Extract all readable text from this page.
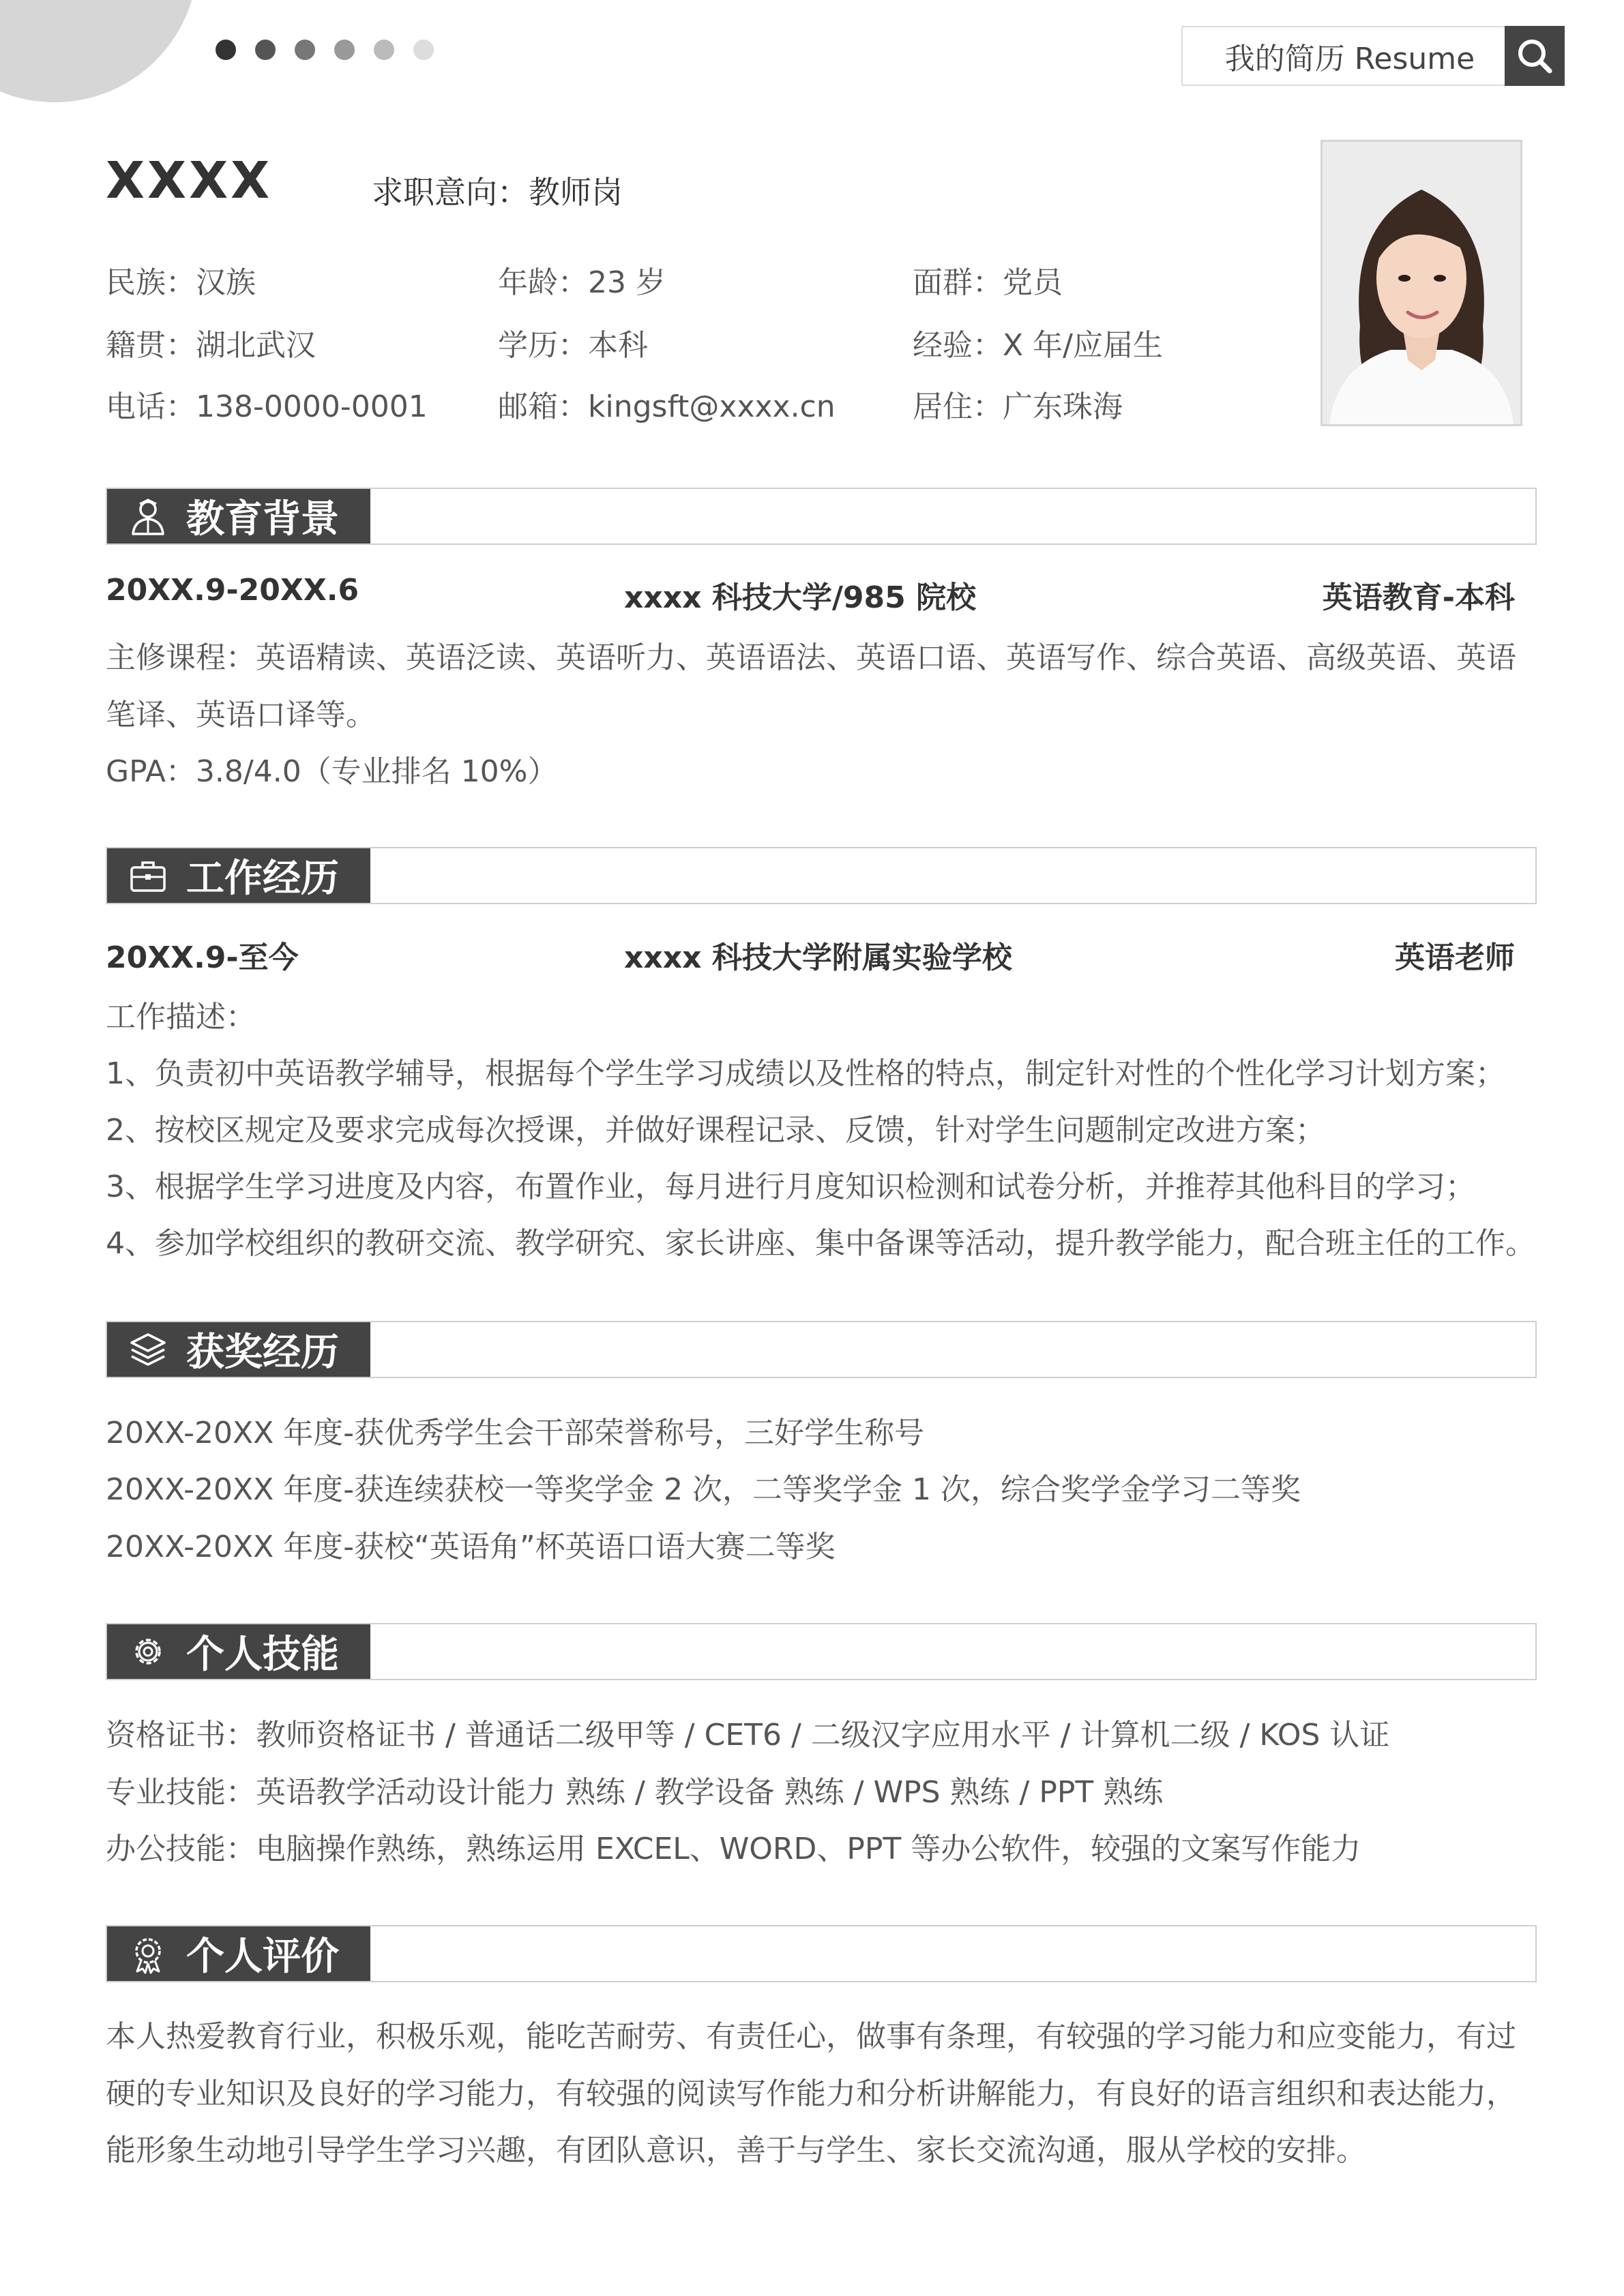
我的简历 Resume
XXXX	求职意向：教师岗
民族：汉族	年龄：23 岁	面群：党员
籍贯：湖北武汉	学历：本科	经验：X 年/应届生
电话：138-0000-0001 邮箱：kingsft@xxxx.cn	居住：广东珠海
教育背景
20XX.9-20XX.6	xxxx 科技大学/985 院校	英语教育-本科
主修课程：英语精读、英语泛读、英语听力、英语语法、英语口语、英语写作、综合英语、高级英语、英语
笔译、英语口译等。
GPA：3.8/4.0（专业排名 10%）
工作经历
20XX.9-至今	xxxx 科技大学附属实验学校	英语老师
工作描述：
1、负责初中英语教学辅导，根据每个学生学习成绩以及性格的特点，制定针对性的个性化学习计划方案；
2、按校区规定及要求完成每次授课，并做好课程记录、反馈，针对学生问题制定改进方案；
3、根据学生学习进度及内容，布置作业，每月进行月度知识检测和试卷分析，并推荐其他科目的学习；
4、参加学校组织的教研交流、教学研究、家长讲座、集中备课等活动，提升教学能力，配合班主任的工作。
获奖经历
20XX-20XX 年度-获优秀学生会干部荣誉称号，三好学生称号
20XX-20XX 年度-获连续获校一等奖学金 2 次，二等奖学金 1 次，综合奖学金学习二等奖
20XX-20XX 年度-获校“英语角”杯英语口语大赛二等奖
个人技能
资格证书：教师资格证书 / 普通话二级甲等 / CET6 / 二级汉字应用水平 / 计算机二级 / KOS 认证
专业技能：英语教学活动设计能力 熟练 / 教学设备 熟练 / WPS 熟练 / PPT 熟练
办公技能：电脑操作熟练，熟练运用 EXCEL、WORD、PPT 等办公软件，较强的文案写作能力
个人评价
本人热爱教育行业，积极乐观，能吃苦耐劳、有责任心，做事有条理，有较强的学习能力和应变能力，有过
硬的专业知识及良好的学习能力，有较强的阅读写作能力和分析讲解能力，有良好的语言组织和表达能力，
能形象生动地引导学生学习兴趣，有团队意识，善于与学生、家长交流沟通，服从学校的安排。
